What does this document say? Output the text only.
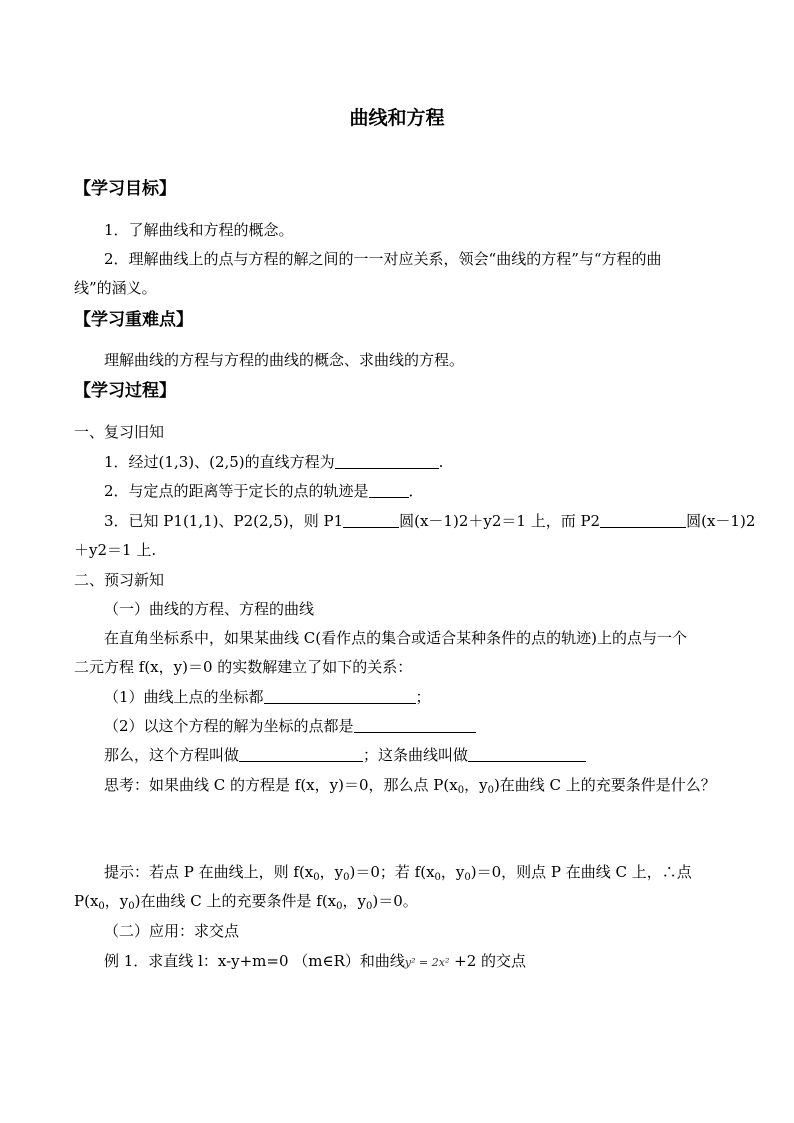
曲线和方程
【学习目标】
1．了解曲线和方程的概念。
2．理解曲线上的点与方程的解之间的一一对应关系，领会“曲线的方程”与“方程的曲
线”的涵义。
【学习重难点】
理解曲线的方程与方程的曲线的概念、求曲线的方程。
【学习过程】
一、复习旧知
1．经过(1,3)、(2,5)的直线方程为	.
2．与定点的距离等于定长的点的轨迹是	．
3．已知 P1(1,1)、P2(2,5)，则 P1	圆(x－1)2＋y2＝1 上，而 P2	圆(x－1)2
＋y2＝1 上.
二、预习新知
（一）曲线的方程、方程的曲线
在直角坐标系中，如果某曲线 C(看作点的集合或适合某种条件的点的轨迹)上的点与一个
二元方程 f(x，y)＝0 的实数解建立了如下的关系：
（1）曲线上点的坐标都	；
（2）以这个方程的解为坐标的点都是
那么，这个方程叫做	；这条曲线叫做
思考：如果曲线 C 的方程是 f(x，y)＝0，那么点 $P(x_0$，$y_0$)在曲线 C 上的充要条件是什么？
提示：若点 P 在曲线上，则 $f(x_0$，$y_0)=0$；若 $f(x_0$，$y_0)=0$，则点 P 在曲线 C 上，∴点
$P(x_0$，$y_0$)在曲线 C 上的充要条件是 $f(x_0$，$y_0)=0$。
（二）应用：求交点
例 1．求直线 l：x-y+m=0 （m∈R）和曲线y² = 2x² +2 的交点
